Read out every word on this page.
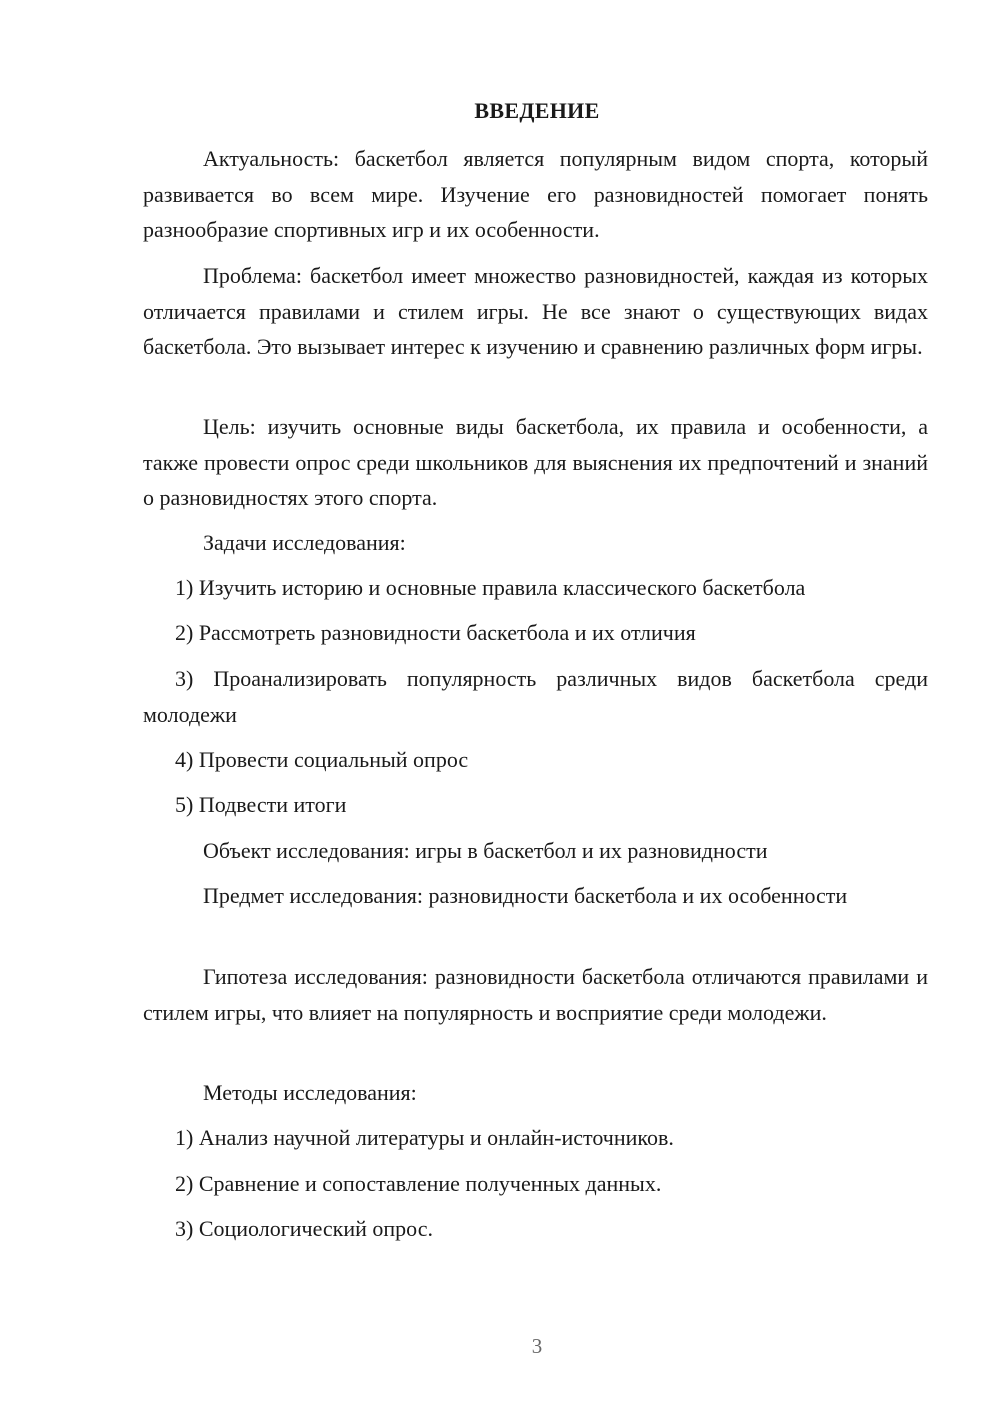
ВВЕДЕНИЕ

Актуальность: баскетбол является популярным видом спорта, который развивается во всем мире. Изучение его разновидностей помогает понять разнообразие спортивных игр и их особенности.

Проблема: баскетбол имеет множество разновидностей, каждая из которых отличается правилами и стилем игры. Не все знают о существующих видах баскетбола. Это вызывает интерес к изучению и сравнению различных форм игры.

Цель: изучить основные виды баскетбола, их правила и особенности, а также провести опрос среди школьников для выяснения их предпочтений и знаний о разновидностях этого спорта.

Задачи исследования:

1) Изучить историю и основные правила классического баскетбола

2) Рассмотреть разновидности баскетбола и их отличия

3) Проанализировать популярность различных видов баскетбола среди молодежи

4) Провести социальный опрос

5) Подвести итоги

Объект исследования: игры в баскетбол и их разновидности

Предмет исследования: разновидности баскетбола и их особенности

Гипотеза исследования: разновидности баскетбола отличаются правилами и стилем игры, что влияет на популярность и восприятие среди молодежи.

Методы исследования:

1) Анализ научной литературы и онлайн-источников.

2) Сравнение и сопоставление полученных данных.

3) Социологический опрос.

3
